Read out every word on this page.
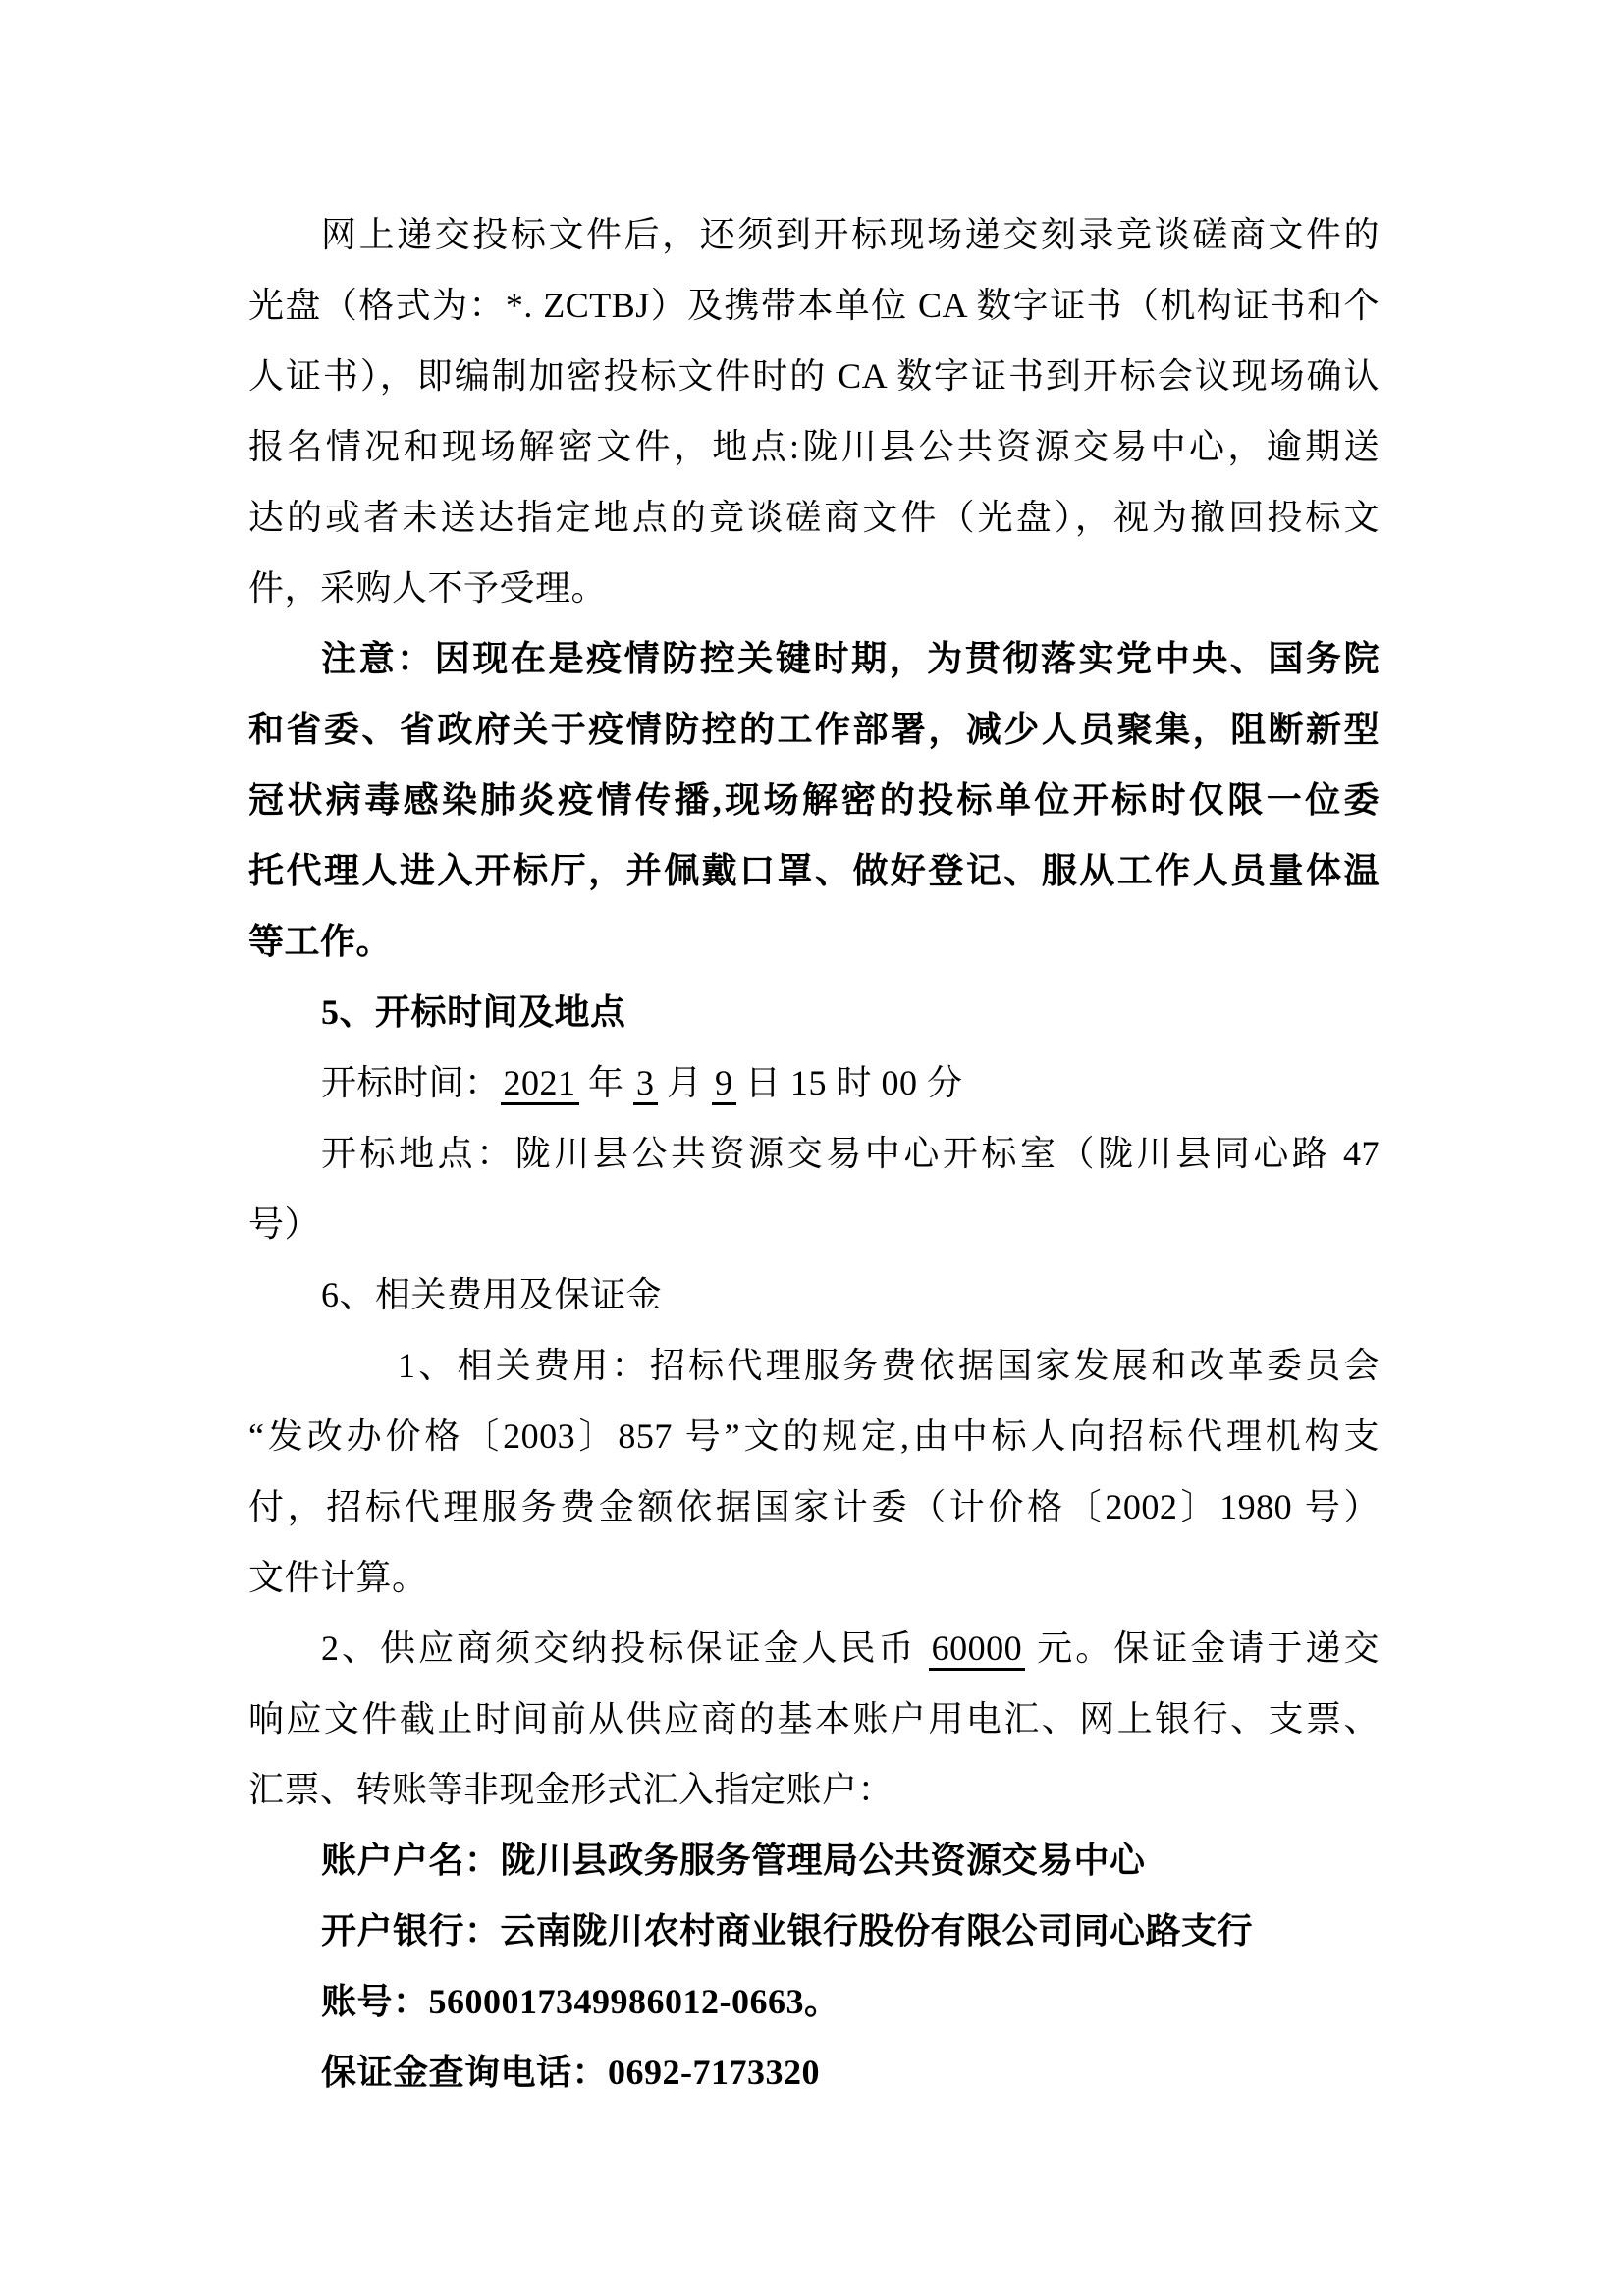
网上递交投标文件后，还须到开标现场递交刻录竞谈磋商文件的
光盘（格式为：*. ZCTBJ）及携带本单位 CA 数字证书（机构证书和个
人证书），即编制加密投标文件时的 CA 数字证书到开标会议现场确认
报名情况和现场解密文件，地点:陇川县公共资源交易中心，逾期送
达的或者未送达指定地点的竞谈磋商文件（光盘），视为撤回投标文
件，采购人不予受理。
注意：因现在是疫情防控关键时期，为贯彻落实党中央、国务院
和省委、省政府关于疫情防控的工作部署，减少人员聚集，阻断新型
冠状病毒感染肺炎疫情传播,现场解密的投标单位开标时仅限一位委
托代理人进入开标厅，并佩戴口罩、做好登记、服从工作人员量体温
等工作。
5、开标时间及地点
开标时间：2021 年 3 月 9 日 15 时 00 分
开标地点：陇川县公共资源交易中心开标室（陇川县同心路 47
号）
6、相关费用及保证金
1、相关费用：招标代理服务费依据国家发展和改革委员会
“发改办价格〔2003〕857 号”文的规定,由中标人向招标代理机构支
付，招标代理服务费金额依据国家计委（计价格〔2002〕1980 号）
文件计算。
2、供应商须交纳投标保证金人民币 60000 元。保证金请于递交
响应文件截止时间前从供应商的基本账户用电汇、网上银行、支票、
汇票、转账等非现金形式汇入指定账户：
账户户名：陇川县政务服务管理局公共资源交易中心
开户银行：云南陇川农村商业银行股份有限公司同心路支行
账号：5600017349986012-0663。
保证金查询电话：0692-7173320
